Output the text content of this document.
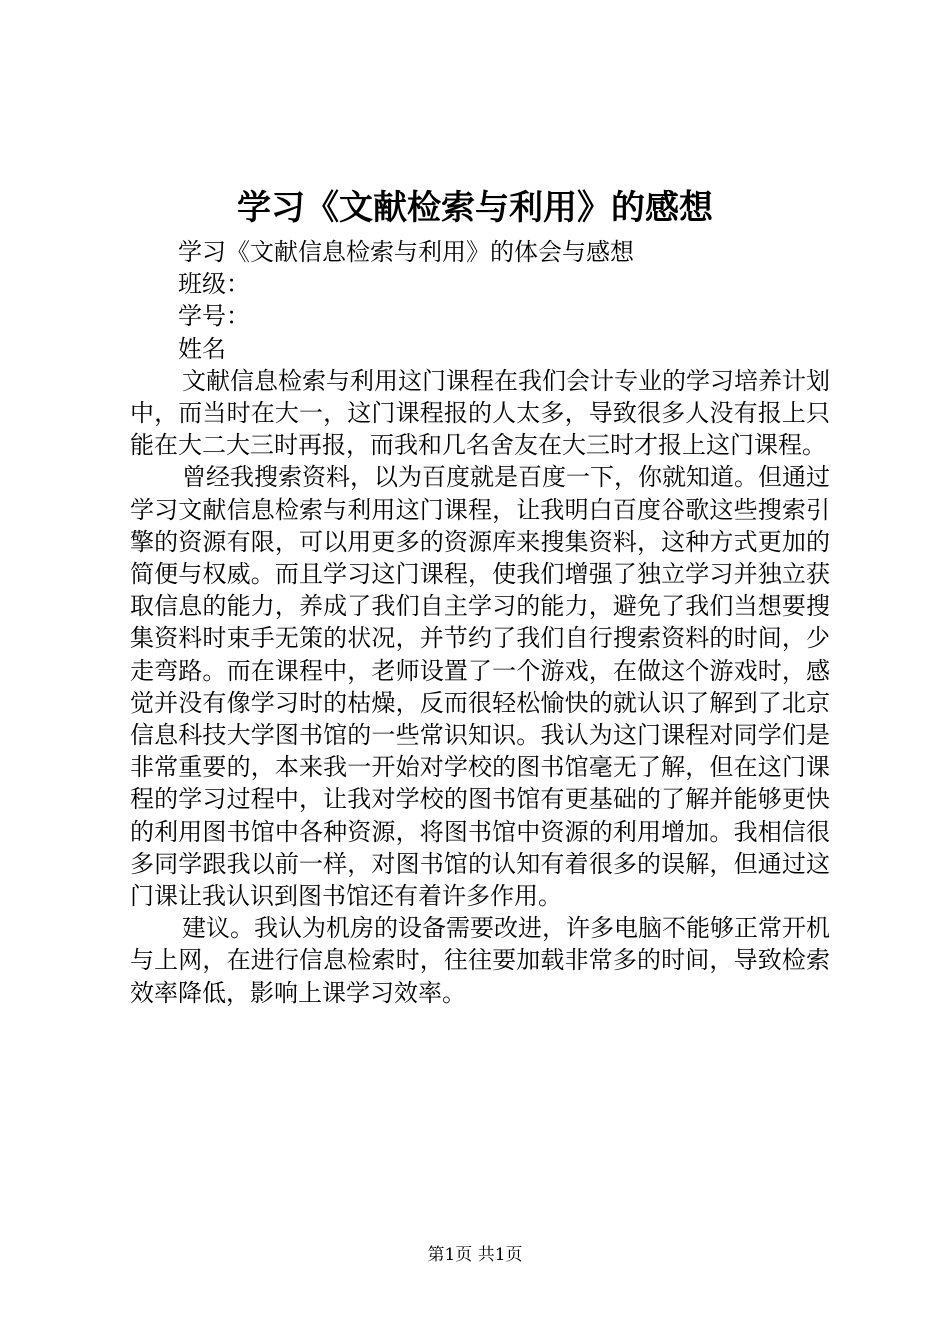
学习《文献检索与利用》的感想

学习《文献信息检索与利用》的体会与感想

班级：

学号：

姓名

文献信息检索与利用这门课程在我们会计专业的学习培养计划中，而当时在大一，这门课程报的人太多，导致很多人没有报上只能在大二大三时再报，而我和几名舍友在大三时才报上这门课程。

曾经我搜索资料，以为百度就是百度一下，你就知道。但通过学习文献信息检索与利用这门课程，让我明白百度谷歌这些搜索引擎的资源有限，可以用更多的资源库来搜集资料，这种方式更加的简便与权威。而且学习这门课程，使我们增强了独立学习并独立获取信息的能力，养成了我们自主学习的能力，避免了我们当想要搜集资料时束手无策的状况，并节约了我们自行搜索资料的时间，少走弯路。而在课程中，老师设置了一个游戏，在做这个游戏时，感觉并没有像学习时的枯燥，反而很轻松愉快的就认识了解到了北京信息科技大学图书馆的一些常识知识。我认为这门课程对同学们是非常重要的，本来我一开始对学校的图书馆毫无了解，但在这门课程的学习过程中，让我对学校的图书馆有更基础的了解并能够更快的利用图书馆中各种资源，将图书馆中资源的利用增加。我相信很多同学跟我以前一样，对图书馆的认知有着很多的误解，但通过这门课让我认识到图书馆还有着许多作用。

建议。我认为机房的设备需要改进，许多电脑不能够正常开机与上网，在进行信息检索时，往往要加载非常多的时间，导致检索效率降低，影响上课学习效率。

第1页 共1页
